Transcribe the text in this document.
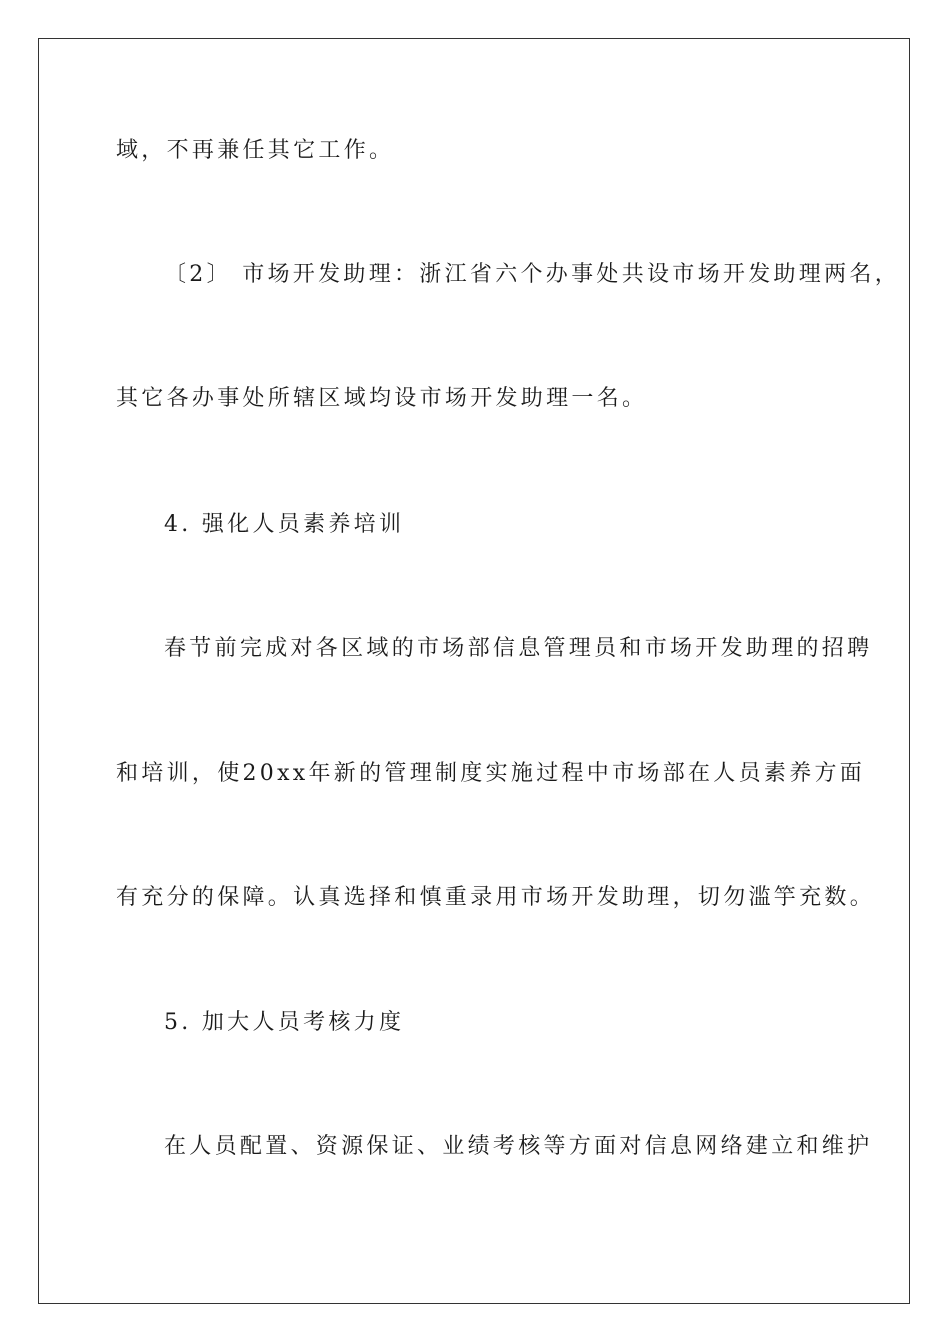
域，不再兼任其它工作。
〔2〕 市场开发助理：浙江省六个办事处共设市场开发助理两名，
其它各办事处所辖区域均设市场开发助理一名。
4. 强化人员素养培训
春节前完成对各区域的市场部信息管理员和市场开发助理的招聘
和培训，使20xx年新的管理制度实施过程中市场部在人员素养方面
有充分的保障。认真选择和慎重录用市场开发助理，切勿滥竽充数。
5. 加大人员考核力度
在人员配置、资源保证、业绩考核等方面对信息网络建立和维护
